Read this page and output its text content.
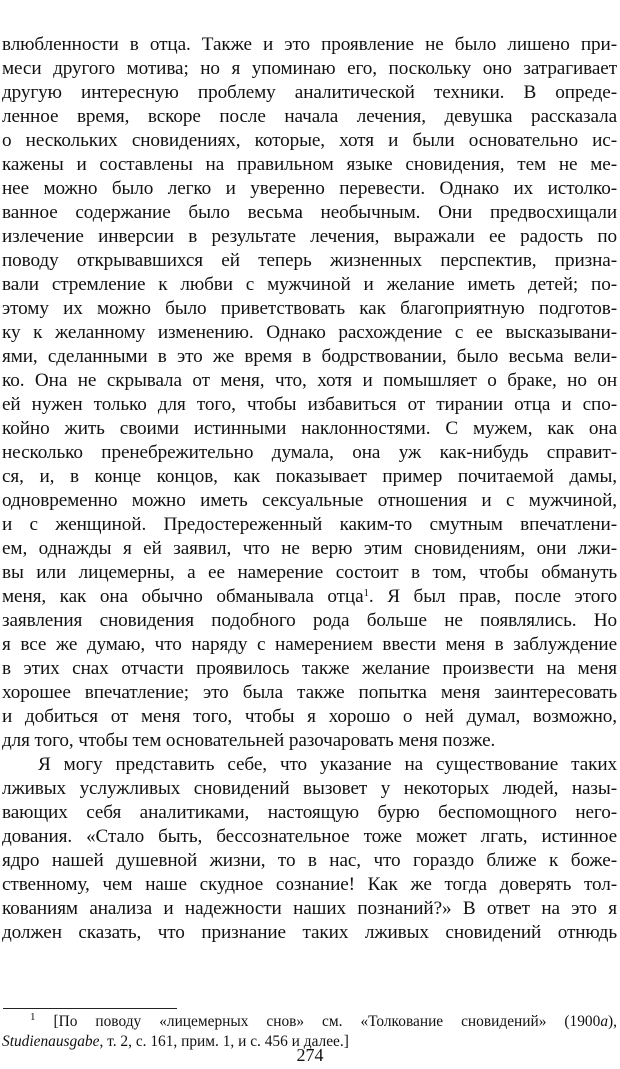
влюбленности в отца. Также и это проявление не было лишено при-
меси другого мотива; но я упоминаю его, поскольку оно затрагивает
другую интересную проблему аналитической техники. В опреде-
ленное время, вскоре после начала лечения, девушка рассказала
о нескольких сновидениях, которые, хотя и были основательно ис-
кажены и составлены на правильном языке сновидения, тем не ме-
нее можно было легко и уверенно перевести. Однако их истолко-
ванное содержание было весьма необычным. Они предвосхищали
излечение инверсии в результате лечения, выражали ее радость по
поводу открывавшихся ей теперь жизненных перспектив, призна-
вали стремление к любви с мужчиной и желание иметь детей; по-
этому их можно было приветствовать как благоприятную подготов-
ку к желанному изменению. Однако расхождение с ее высказывани-
ями, сделанными в это же время в бодрствовании, было весьма вели-
ко. Она не скрывала от меня, что, хотя и помышляет о браке, но он
ей нужен только для того, чтобы избавиться от тирании отца и спо-
койно жить своими истинными наклонностями. С мужем, как она
несколько пренебрежительно думала, она уж как-нибудь справит-
ся, и, в конце концов, как показывает пример почитаемой дамы,
одновременно можно иметь сексуальные отношения и с мужчиной,
и с женщиной. Предостереженный каким-то смутным впечатлени-
ем, однажды я ей заявил, что не верю этим сновидениям, они лжи-
вы или лицемерны, а ее намерение состоит в том, чтобы обмануть
меня, как она обычно обманывала отца$^1$. Я был прав, после этого
заявления сновидения подобного рода больше не появлялись. Но
я все же думаю, что наряду с намерением ввести меня в заблуждение
в этих снах отчасти проявилось также желание произвести на меня
хорошее впечатление; это была также попытка меня заинтересовать
и добиться от меня того, чтобы я хорошо о ней думал, возможно,
для того, чтобы тем основательней разочаровать меня позже.
Я могу представить себе, что указание на существование таких
лживых услужливых сновидений вызовет у некоторых людей, назы-
вающих себя аналитиками, настоящую бурю беспомощного него-
дования. «Стало быть, бессознательное тоже может лгать, истинное
ядро нашей душевной жизни, то в нас, что гораздо ближе к боже-
ственному, чем наше скудное сознание! Как же тогда доверять тол-
кованиям анализа и надежности наших познаний?» В ответ на это я
должен сказать, что признание таких лживых сновидений отнюдь
$^1$ [По поводу «лицемерных снов» см. «Толкование сновидений» (1900a),
Studienausgabe, т. 2, с. 161, прим. 1, и с. 456 и далее.]
274
